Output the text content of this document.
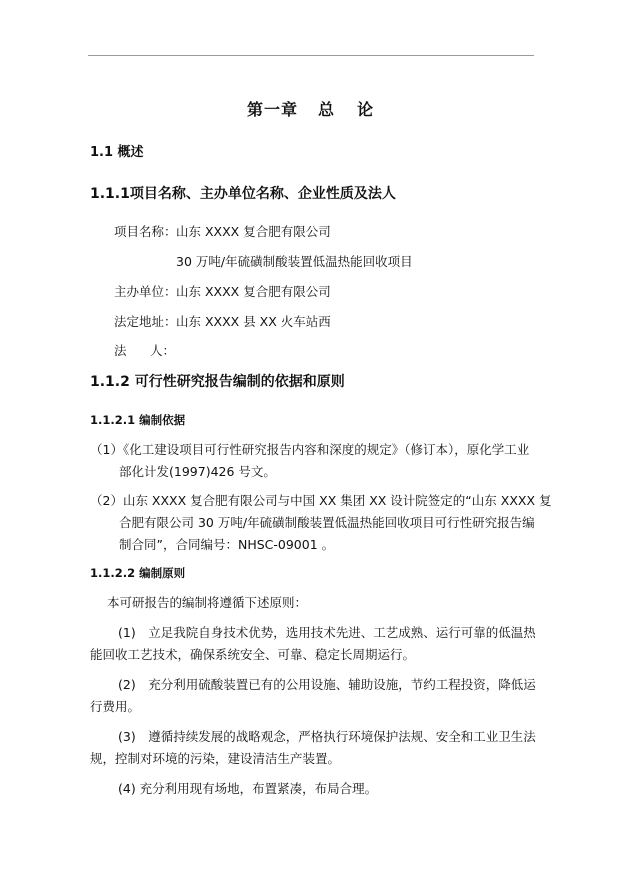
第一章 总 论
1.1 概述
1.1.1项目名称、主办单位名称、企业性质及法人
项目名称： 山东 XXXX 复合肥有限公司
30 万吨/年硫磺制酸装置低温热能回收项目
主办单位： 山东 XXXX 复合肥有限公司
法定地址： 山东 XXXX 县 XX 火车站西
法 人：
1.1.2 可行性研究报告编制的依据和原则
1.1.2.1 编制依据
（1）《化工建设项目可行性研究报告内容和深度的规定》（修订本），原化学工业
部化计发(1997)426 号文。
（2）山东 XXXX 复合肥有限公司与中国 XX 集团 XX 设计院签定的“山东 XXXX 复
合肥有限公司 30 万吨/年硫磺制酸装置低温热能回收项目可行性研究报告编
制合同”，合同编号：NHSC-09001 。
1.1.2.2 编制原则
本可研报告的编制将遵循下述原则：
(1)　立足我院自身技术优势，选用技术先进、工艺成熟、运行可靠的低温热
能回收工艺技术，确保系统安全、可靠、稳定长周期运行。
(2)　充分利用硫酸装置已有的公用设施、辅助设施，节约工程投资，降低运
行费用。
(3)　遵循持续发展的战略观念，严格执行环境保护法规、安全和工业卫生法
规，控制对环境的污染，建设清洁生产装置。
(4) 充分利用现有场地，布置紧凑，布局合理。
